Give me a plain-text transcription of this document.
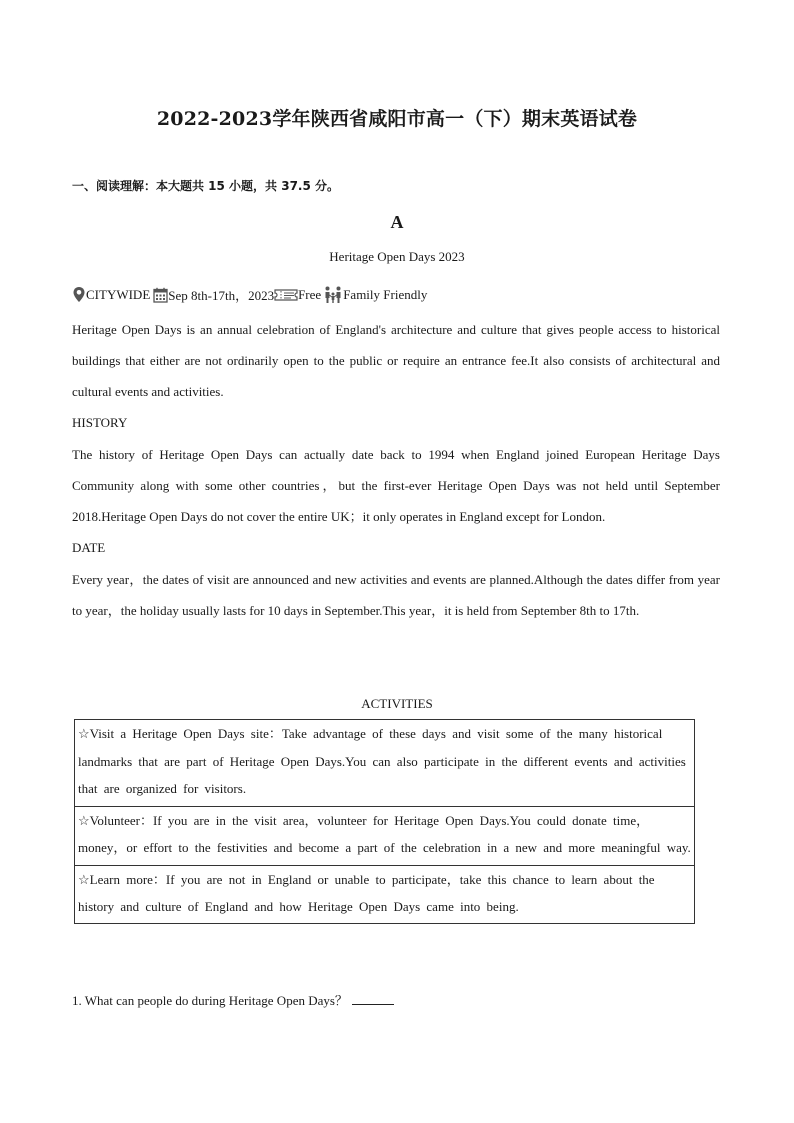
2022-2023学年陕西省咸阳市高一（下）期末英语试卷
一、阅读理解：本大题共 15 小题，共 37.5 分。
A
Heritage Open Days 2023
CITYWIDE Sep 8th-17th，2023 Free Family Friendly

Heritage Open Days is an annual celebration of England's architecture and culture that gives people access to historical buildings that either are not ordinarily open to the public or require an entrance fee.It also consists of architectural and cultural events and activities.

HISTORY

The history of Heritage Open Days can actually date back to 1994 when England joined European Heritage Days Community along with some other countries，but the first-ever Heritage Open Days was not held until September 2018.Heritage Open Days do not cover the entire UK；it only operates in England except for London.

DATE

Every year，the dates of visit are announced and new activities and events are planned.Although the dates differ from year to year，the holiday usually lasts for 10 days in September.This year，it is held from September 8th to 17th.

ACTIVITIES
☆Visit a Heritage Open Days site：Take advantage of these days and visit some of the many historical landmarks that are part of Heritage Open Days.You can also participate in the different events and activities that are organized for visitors.
☆Volunteer：If you are in the visit area，volunteer for Heritage Open Days.You could donate time，money，or effort to the festivities and become a part of the celebration in a new and more meaningful way.
☆Learn more：If you are not in England or unable to participate，take this chance to learn about the history and culture of England and how Heritage Open Days came into being.
1. What can people do during Heritage Open Days？
